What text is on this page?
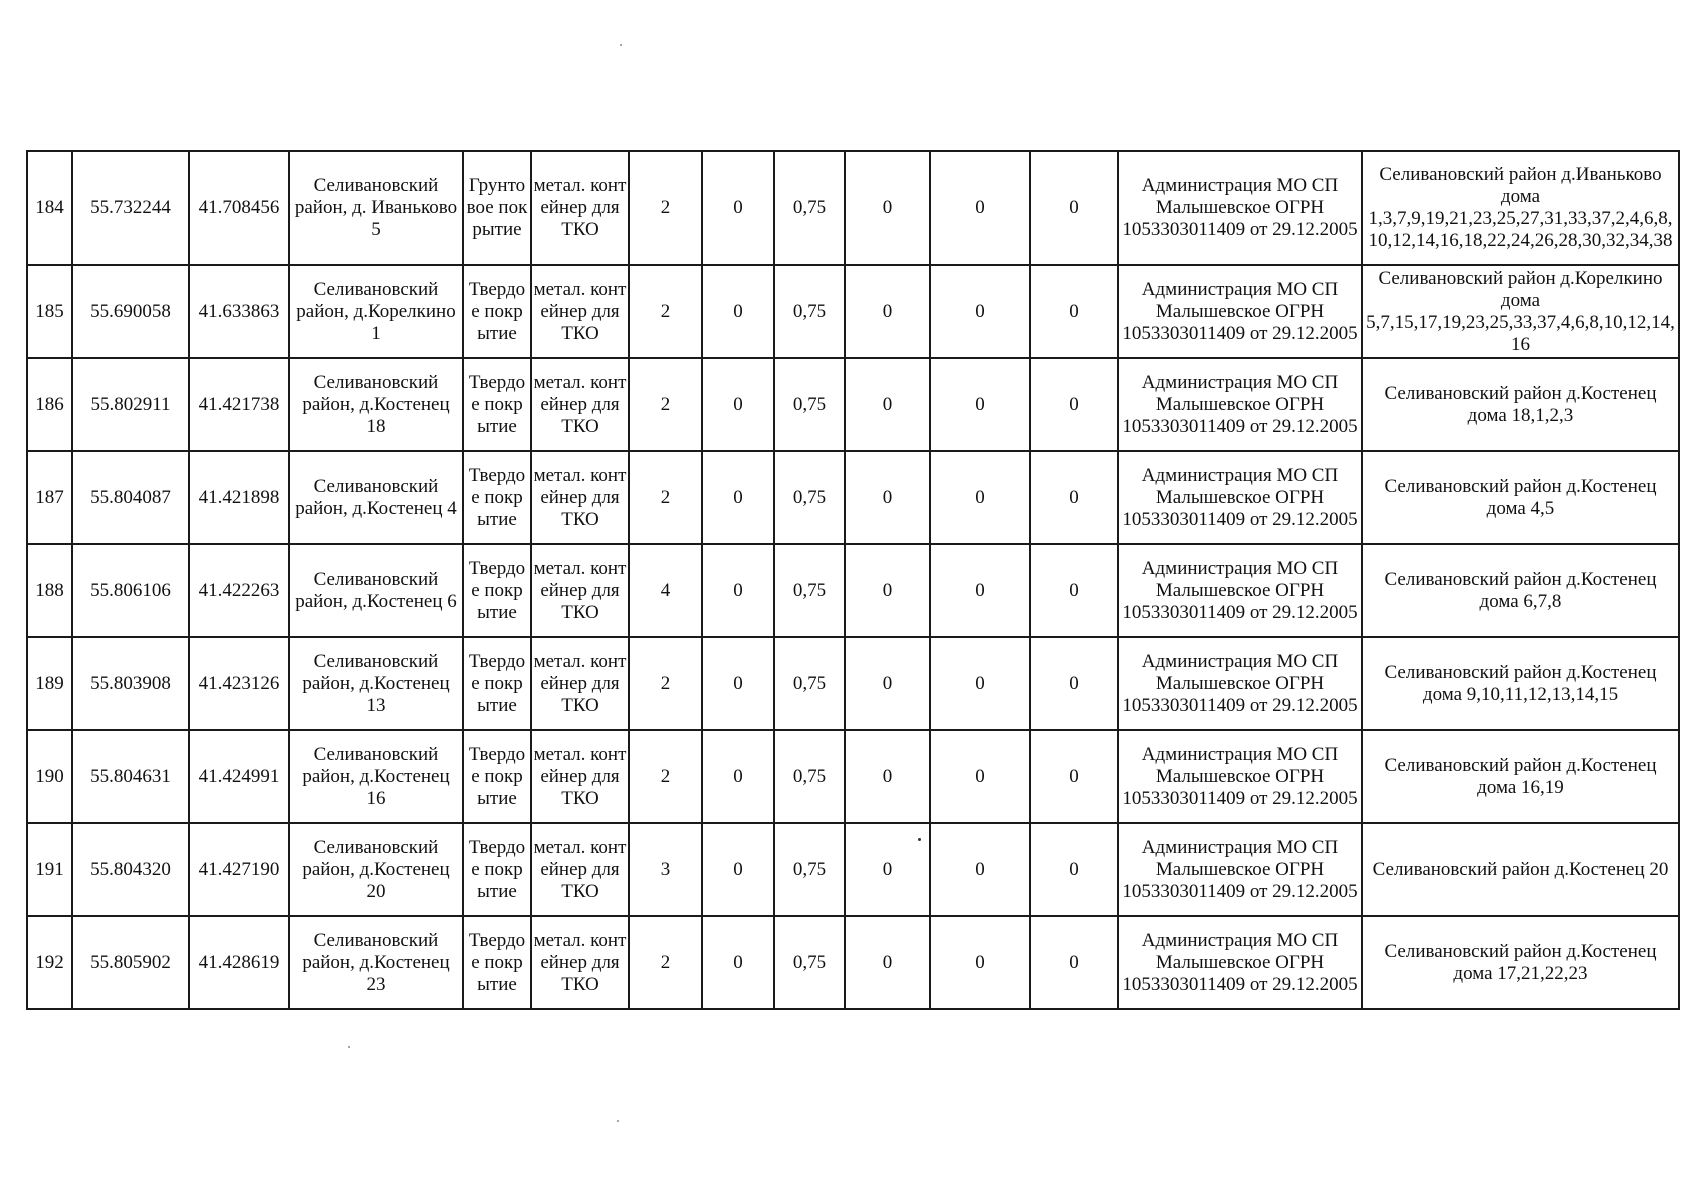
184	55.732244	41.708456	Селивановский район, д. Иваньково 5	Грунтовое покрытие	метал. контейнер для ТКО	2	0	0,75	0	0	0	Администрация МО СП Малышевское ОГРН 1053303011409 от 29.12.2005	Селивановский район д.Иваньково дома 1,3,7,9,19,21,23,25,27,31,33,37,2,4,6,8,10,12,14,16,18,22,24,26,28,30,32,34,38
185	55.690058	41.633863	Селивановский район, д.Корелкино 1	Твердое покрытие	метал. контейнер для ТКО	2	0	0,75	0	0	0	Администрация МО СП Малышевское ОГРН 1053303011409 от 29.12.2005	Селивановский район д.Корелкино дома 5,7,15,17,19,23,25,33,37,4,6,8,10,12,14,16
186	55.802911	41.421738	Селивановский район, д.Костенец 18	Твердое покрытие	метал. контейнер для ТКО	2	0	0,75	0	0	0	Администрация МО СП Малышевское ОГРН 1053303011409 от 29.12.2005	Селивановский район д.Костенец дома 18,1,2,3
187	55.804087	41.421898	Селивановский район, д.Костенец 4	Твердое покрытие	метал. контейнер для ТКО	2	0	0,75	0	0	0	Администрация МО СП Малышевское ОГРН 1053303011409 от 29.12.2005	Селивановский район д.Костенец дома 4,5
188	55.806106	41.422263	Селивановский район, д.Костенец 6	Твердое покрытие	метал. контейнер для ТКО	4	0	0,75	0	0	0	Администрация МО СП Малышевское ОГРН 1053303011409 от 29.12.2005	Селивановский район д.Костенец дома 6,7,8
189	55.803908	41.423126	Селивановский район, д.Костенец 13	Твердое покрытие	метал. контейнер для ТКО	2	0	0,75	0	0	0	Администрация МО СП Малышевское ОГРН 1053303011409 от 29.12.2005	Селивановский район д.Костенец дома 9,10,11,12,13,14,15
190	55.804631	41.424991	Селивановский район, д.Костенец 16	Твердое покрытие	метал. контейнер для ТКО	2	0	0,75	0	0	0	Администрация МО СП Малышевское ОГРН 1053303011409 от 29.12.2005	Селивановский район д.Костенец дома 16,19
191	55.804320	41.427190	Селивановский район, д.Костенец 20	Твердое покрытие	метал. контейнер для ТКО	3	0	0,75	0	0	0	Администрация МО СП Малышевское ОГРН 1053303011409 от 29.12.2005	Селивановский район д.Костенец 20
192	55.805902	41.428619	Селивановский район, д.Костенец 23	Твердое покрытие	метал. контейнер для ТКО	2	0	0,75	0	0	0	Администрация МО СП Малышевское ОГРН 1053303011409 от 29.12.2005	Селивановский район д.Костенец дома 17,21,22,23
